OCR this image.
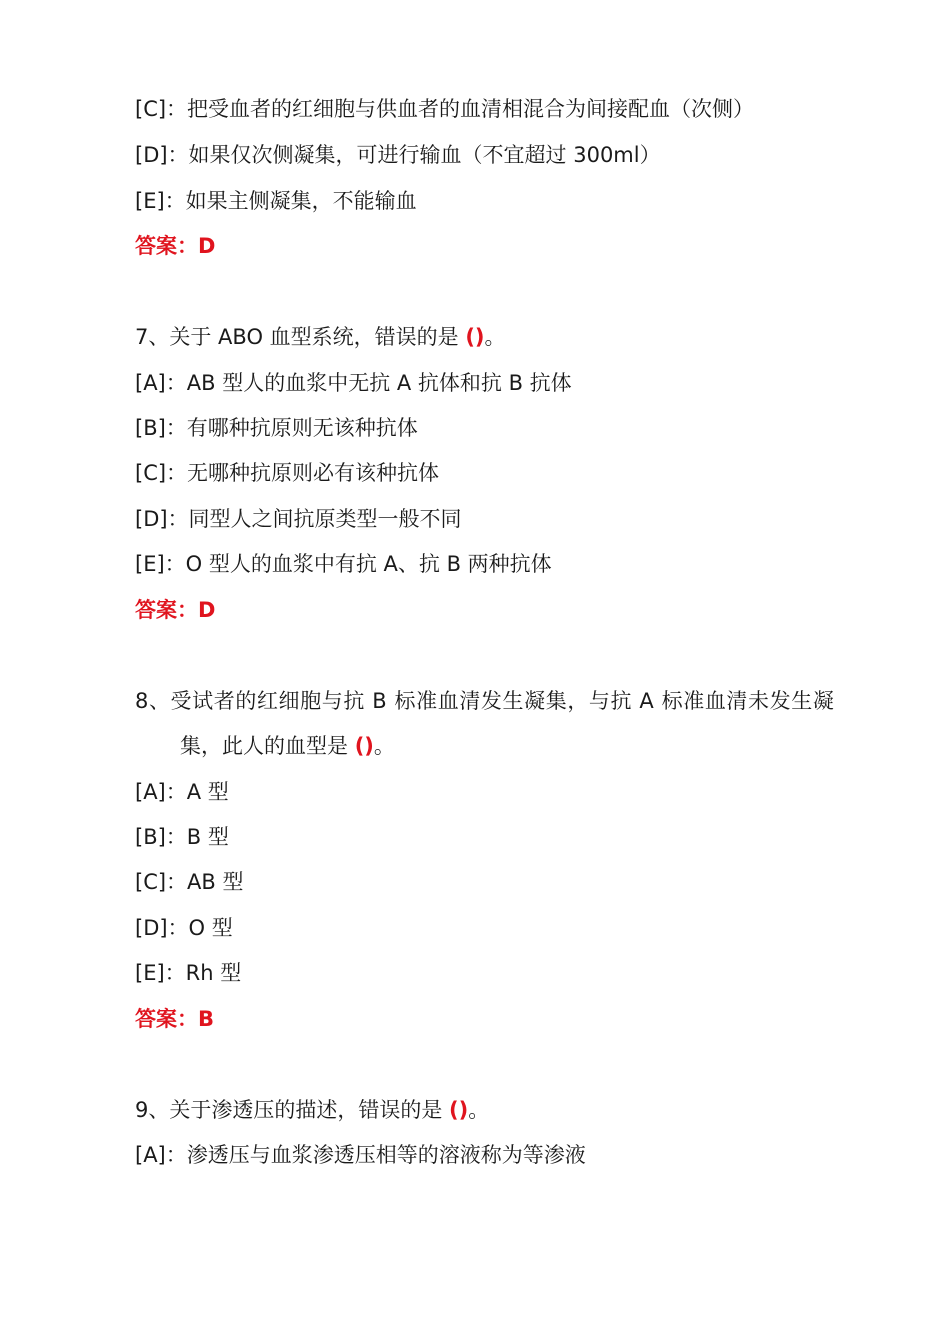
[C]：把受血者的红细胞与供血者的血清相混合为间接配血（次侧）
[D]：如果仅次侧凝集，可进行输血（不宜超过 300ml）
[E]：如果主侧凝集，不能输血
答案：D
7、关于 ABO 血型系统，错误的是 ()。
[A]：AB 型人的血浆中无抗 A 抗体和抗 B 抗体
[B]：有哪种抗原则无该种抗体
[C]：无哪种抗原则必有该种抗体
[D]：同型人之间抗原类型一般不同
[E]：O 型人的血浆中有抗 A、抗 B 两种抗体
答案：D
8、受试者的红细胞与抗 B 标准血清发生凝集，与抗 A 标准血清未发生凝
集，此人的血型是 ()。
[A]：A 型
[B]：B 型
[C]：AB 型
[D]：O 型
[E]：Rh 型
答案：B
9、关于渗透压的描述，错误的是 ()。
[A]：渗透压与血浆渗透压相等的溶液称为等渗液
